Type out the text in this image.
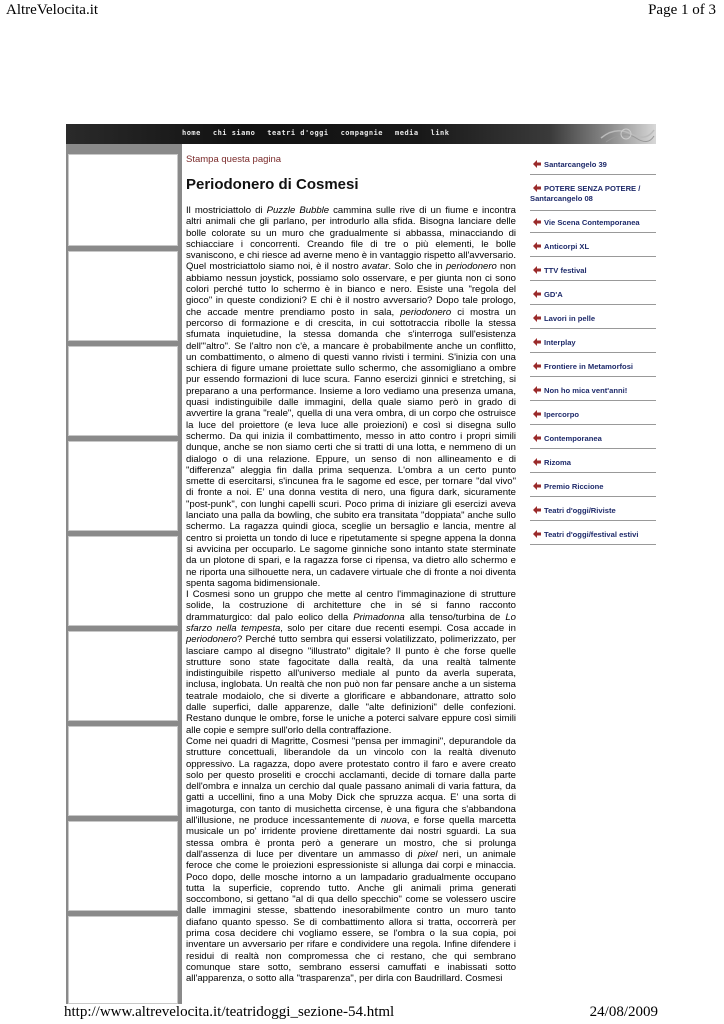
AltreVelocita.it	Page 1 of 3
home chi siamo teatri d'oggi compagnie media link
Stampa questa pagina
Periodonero di Cosmesi

Il mostriciattolo di Puzzle Bubble cammina sulle rive di un fiume e incontra altri animali che gli parlano, per introdurlo alla sfida. Bisogna lanciare delle bolle colorate su un muro che gradualmente si abbassa, minacciando di schiacciare i concorrenti. Creando file di tre o più elementi, le bolle svaniscono, e chi riesce ad averne meno è in vantaggio rispetto all'avversario. Quel mostriciattolo siamo noi, è il nostro avatar. Solo che in periodonero non abbiamo nessun joystick, possiamo solo osservare, e per giunta non ci sono colori perché tutto lo schermo è in bianco e nero. Esiste una "regola del gioco" in queste condizioni? E chi è il nostro avversario? Dopo tale prologo, che accade mentre prendiamo posto in sala, periodonero ci mostra un percorso di formazione e di crescita, in cui sottotraccia ribolle la stessa sfumata inquietudine, la stessa domanda che s'interroga sull'esistenza dell'"altro". Se l'altro non c'è, a mancare è probabilmente anche un conflitto, un combattimento, o almeno di questi vanno rivisti i termini. S'inizia con una schiera di figure umane proiettate sullo schermo, che assomigliano a ombre pur essendo formazioni di luce scura. Fanno esercizi ginnici e stretching, si preparano a una performance. Insieme a loro vediamo una presenza umana, quasi indistinguibile dalle immagini, della quale siamo però in grado di avvertire la grana "reale", quella di una vera ombra, di un corpo che ostruisce la luce del proiettore (e leva luce alle proiezioni) e così si disegna sullo schermo. Da qui inizia il combattimento, messo in atto contro i propri simili dunque, anche se non siamo certi che si tratti di una lotta, e nemmeno di un dialogo o di una relazione. Eppure, un senso di non allineamento e di "differenza" aleggia fin dalla prima sequenza. L'ombra a un certo punto smette di esercitarsi, s'incunea fra le sagome ed esce, per tornare "dal vivo" di fronte a noi. E' una donna vestita di nero, una figura dark, sicuramente "post-punk", con lunghi capelli scuri. Poco prima di iniziare gli esercizi aveva lanciato una palla da bowling, che subito era transitata "doppiata" anche sullo schermo. La ragazza quindi gioca, sceglie un bersaglio e lancia, mentre al centro si proietta un tondo di luce e ripetutamente si spegne appena la donna si avvicina per occuparlo. Le sagome ginniche sono intanto state sterminate da un plotone di spari, e la ragazza forse ci ripensa, va dietro allo schermo e ne riporta una silhouette nera, un cadavere virtuale che di fronte a noi diventa spenta sagoma bidimensionale.

I Cosmesi sono un gruppo che mette al centro l'immaginazione di strutture solide, la costruzione di architetture che in sé si fanno racconto drammaturgico: dal palo eolico della Primadonna alla tenso/turbina de Lo sfarzo nella tempesta, solo per citare due recenti esempi. Cosa accade in periodonero? Perché tutto sembra qui essersi volatilizzato, polimerizzato, per lasciare campo al disegno "illustrato" digitale? Il punto è che forse quelle strutture sono state fagocitate dalla realtà, da una realtà talmente indistinguibile rispetto all'universo mediale al punto da averla superata, inclusa, inglobata. Un realtà che non può non far pensare anche a un sistema teatrale modaiolo, che si diverte a glorificare e abbandonare, attratto solo dalle superfici, dalle apparenze, dalle "alte definizioni" delle confezioni. Restano dunque le ombre, forse le uniche a poterci salvare eppure così simili alle copie e sempre sull'orlo della contraffazione.

Come nei quadri di Magritte, Cosmesi "pensa per immagini", depurandole da strutture concettuali, liberandole da un vincolo con la realtà divenuto oppressivo. La ragazza, dopo avere protestato contro il faro e avere creato solo per questo proseliti e crocchi acclamanti, decide di tornare dalla parte dell'ombra e innalza un cerchio dal quale passano animali di varia fattura, da gatti a uccellini, fino a una Moby Dick che spruzza acqua. E' una sorta di imagoturga, con tanto di musichetta circense, è una figura che s'abbandona all'illusione, ne produce incessantemente di nuova, e forse quella marcetta musicale un po' irridente proviene direttamente dai nostri sguardi. La sua stessa ombra è pronta però a generare un mostro, che si prolunga dall'assenza di luce per diventare un ammasso di pixel neri, un animale feroce che come le proiezioni espressioniste si allunga dai corpi e minaccia. Poco dopo, delle mosche intorno a un lampadario gradualmente occupano tutta la superficie, coprendo tutto. Anche gli animali prima generati soccombono, si gettano "al di qua dello specchio" come se volessero uscire dalle immagini stesse, sbattendo inesorabilmente contro un muro tanto diafano quanto spesso. Se di combattimento allora si tratta, occorrerà per prima cosa decidere chi vogliamo essere, se l'ombra o la sua copia, poi inventare un avversario per rifare e condividere una regola. Infine difendere i residui di realtà non compromessa che ci restano, che qui sembrano comunque stare sotto, sembrano essersi camuffati e inabissati sotto all'apparenza, o sotto alla "trasparenza", per dirla con Baudrillard. Cosmesi

Santarcangelo 39
POTERE SENZA POTERE / Santarcangelo 08
Vie Scena Contemporanea
Anticorpi XL
TTV festival
GD'A
Lavori in pelle
Interplay
Frontiere in Metamorfosi
Non ho mica vent'anni!
Ipercorpo
Contemporanea
Rizoma
Premio Riccione
Teatri d'oggi/Riviste
Teatri d'oggi/festival estivi
http://www.altrevelocita.it/teatridoggi_sezione-54.html	24/08/2009
